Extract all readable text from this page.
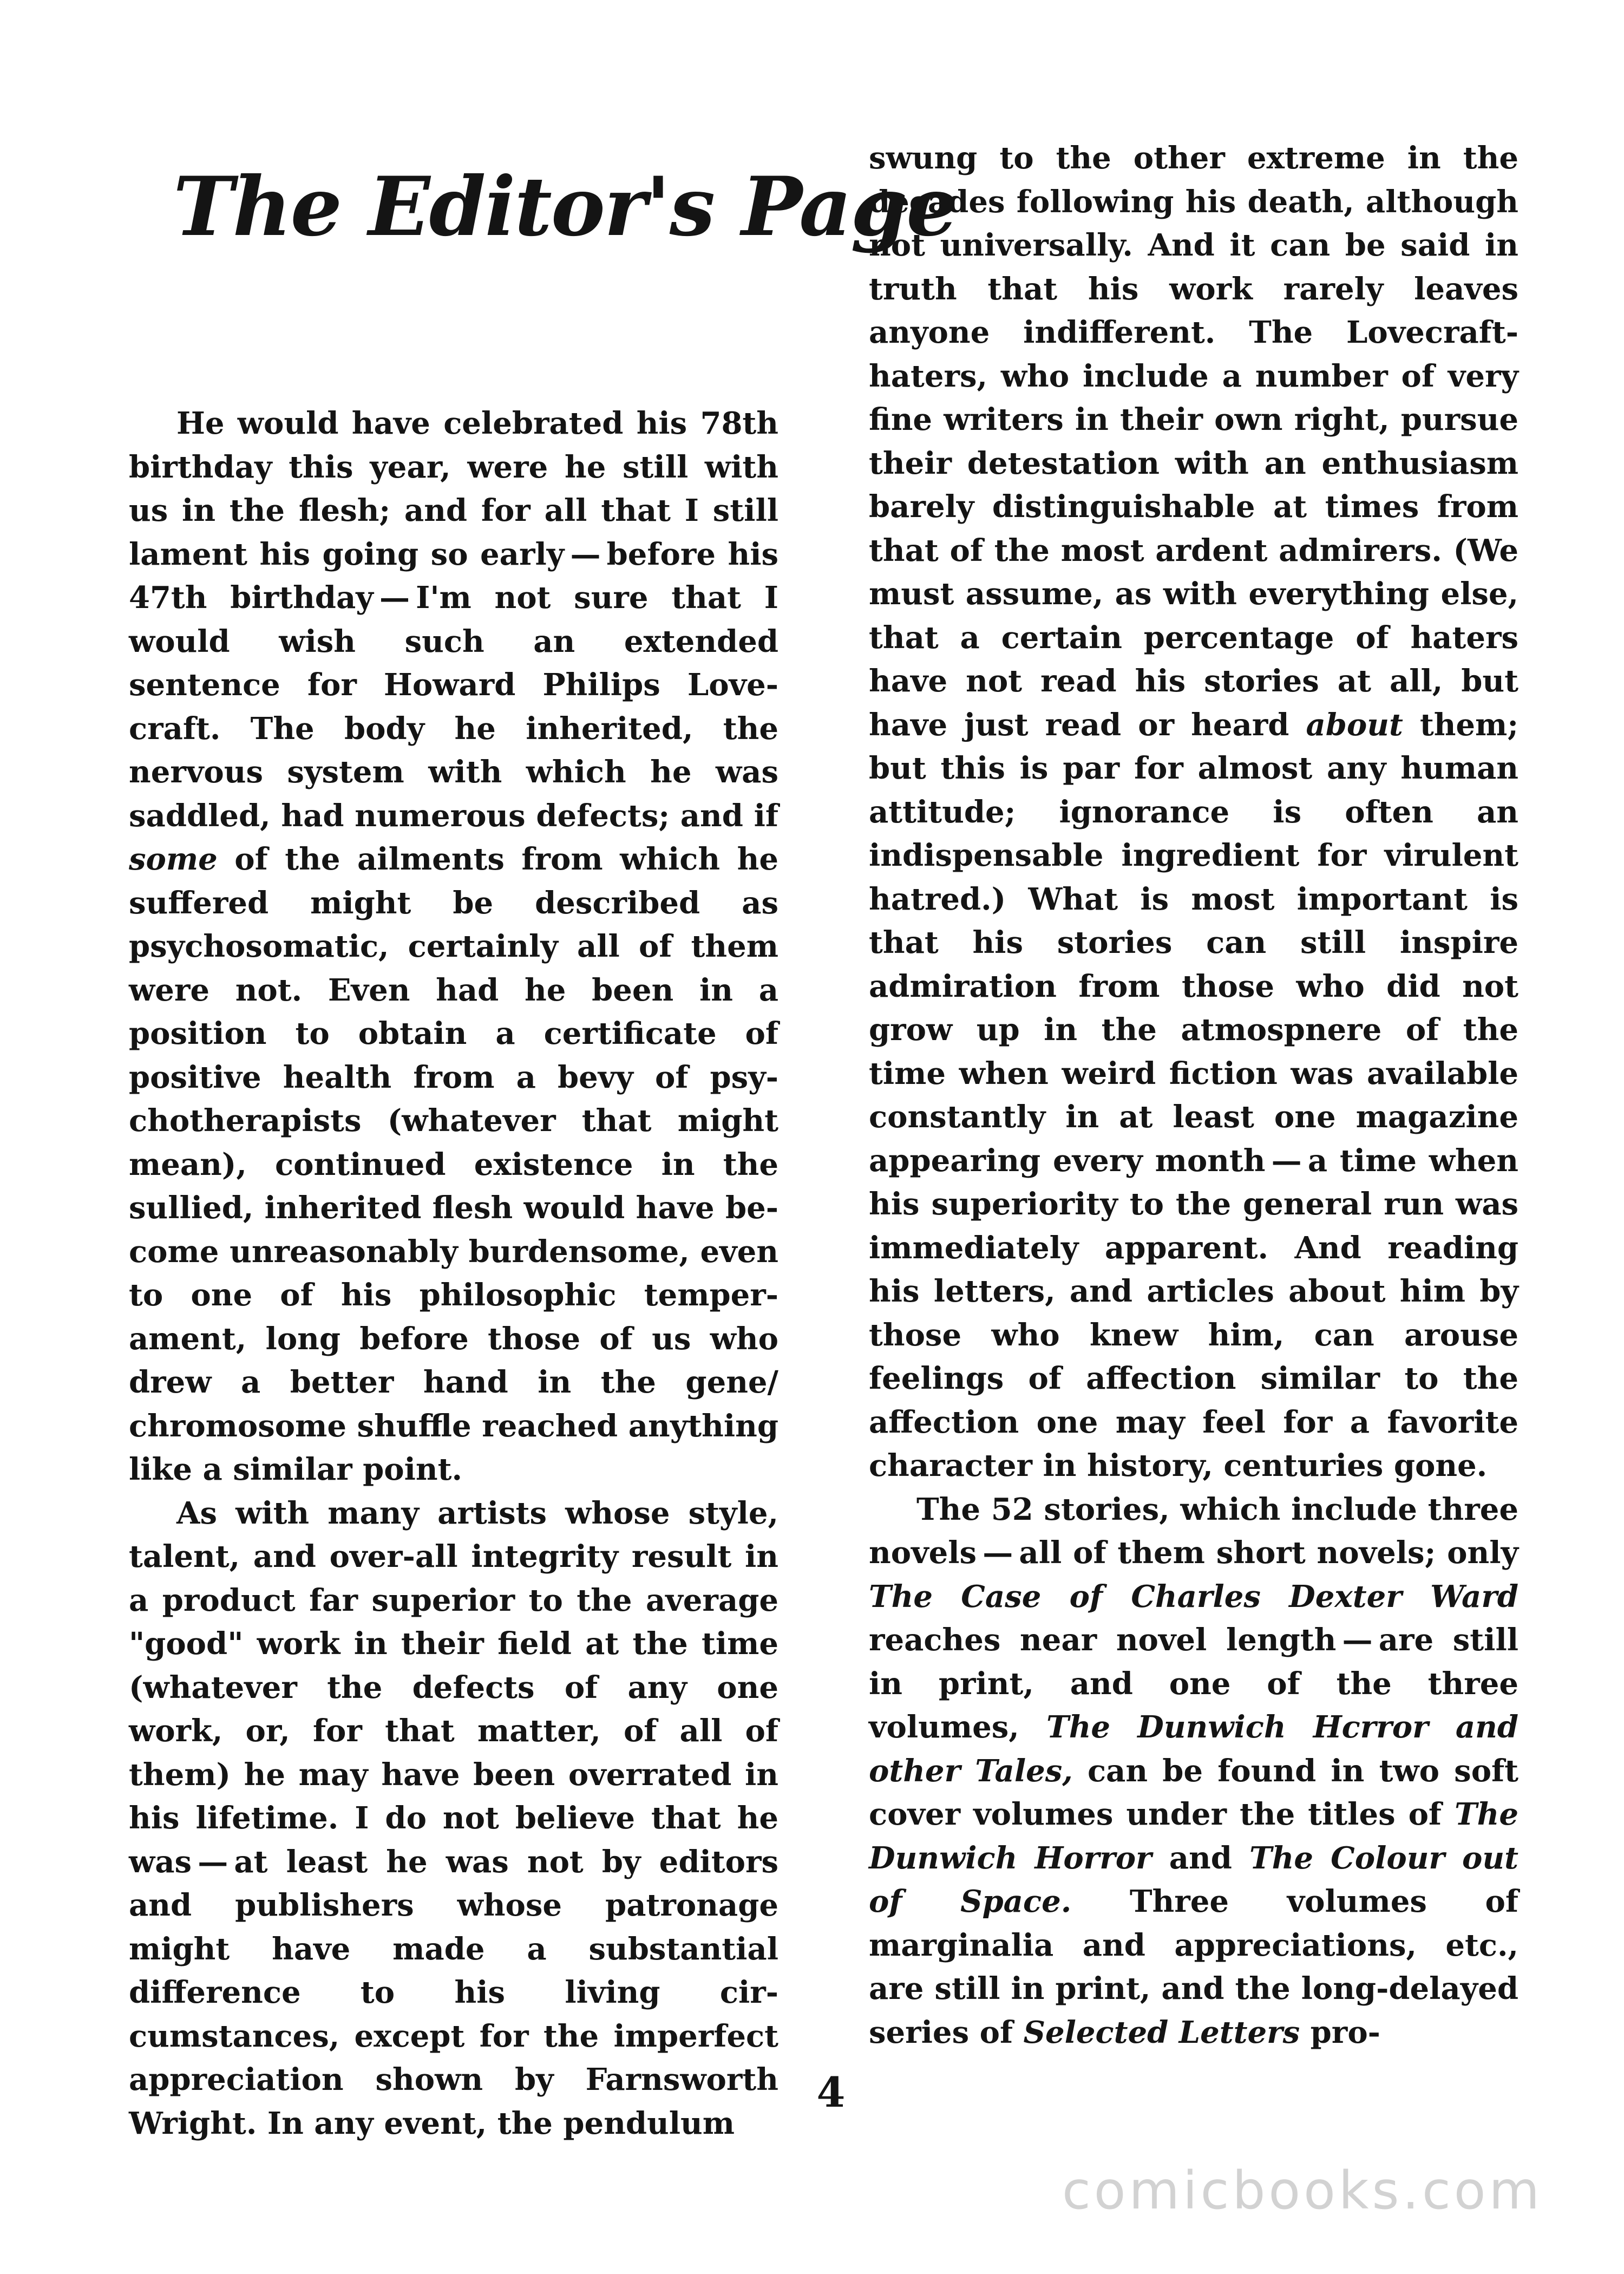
The Editor's Page

He would have celebrated his 78th birthday this year, were he still with us in the flesh; and for all that I still lament his going so early — before his 47th birthday — I'm not sure that I would wish such an extended sentence for Howard Philips Lovecraft. The body he inherited, the nervous system with which he was saddled, had numerous defects; and if some of the ailments from which he suffered might be described as psychosomatic, certainly all of them were not. Even had he been in a position to obtain a certificate of positive health from a bevy of psychotherapists (whatever that might mean), continued existence in the sullied, inherited flesh would have become unreasonably burdensome, even to one of his philosophic temperament, long before those of us who drew a better hand in the gene/ chromosome shuffle reached anything like a similar point.

As with many artists whose style, talent, and over-all integrity result in a product far superior to the average "good" work in their field at the time (whatever the defects of any one work, or, for that matter, of all of them) he may have been overrated in his lifetime. I do not believe that he was — at least he was not by editors and publishers whose patronage might have made a substantial difference to his living circumstances, except for the imperfect appreciation shown by Farnsworth Wright. In any event, the pendulum

swung to the other extreme in the decades following his death, although not universally. And it can be said in truth that his work rarely leaves anyone indifferent. The Lovecraft-haters, who include a number of very fine writers in their own right, pursue their detestation with an enthusiasm barely distinguishable at times from that of the most ardent admirers. (We must assume, as with everything else, that a certain percentage of haters have not read his stories at all, but have just read or heard about them; but this is par for almost any human attitude; ignorance is often an indispensable ingredient for virulent hatred.) What is most important is that his stories can still inspire admiration from those who did not grow up in the atmospnere of the time when weird fiction was available constantly in at least one magazine appearing every month — a time when his superiority to the general run was immediately apparent. And reading his letters, and articles about him by those who knew him, can arouse feelings of affection similar to the affection one may feel for a favorite character in history, centuries gone.

The 52 stories, which include three novels — all of them short novels; only The Case of Charles Dexter Ward reaches near novel length — are still in print, and one of the three volumes, The Dunwich Hcrror and other Tales, can be found in two soft cover volumes under the titles of The Dunwich Horror and The Colour out of Space. Three volumes of marginalia and appreciations, etc., are still in print, and the long-delayed series of Selected Letters pro-

4
comicbooks.com
